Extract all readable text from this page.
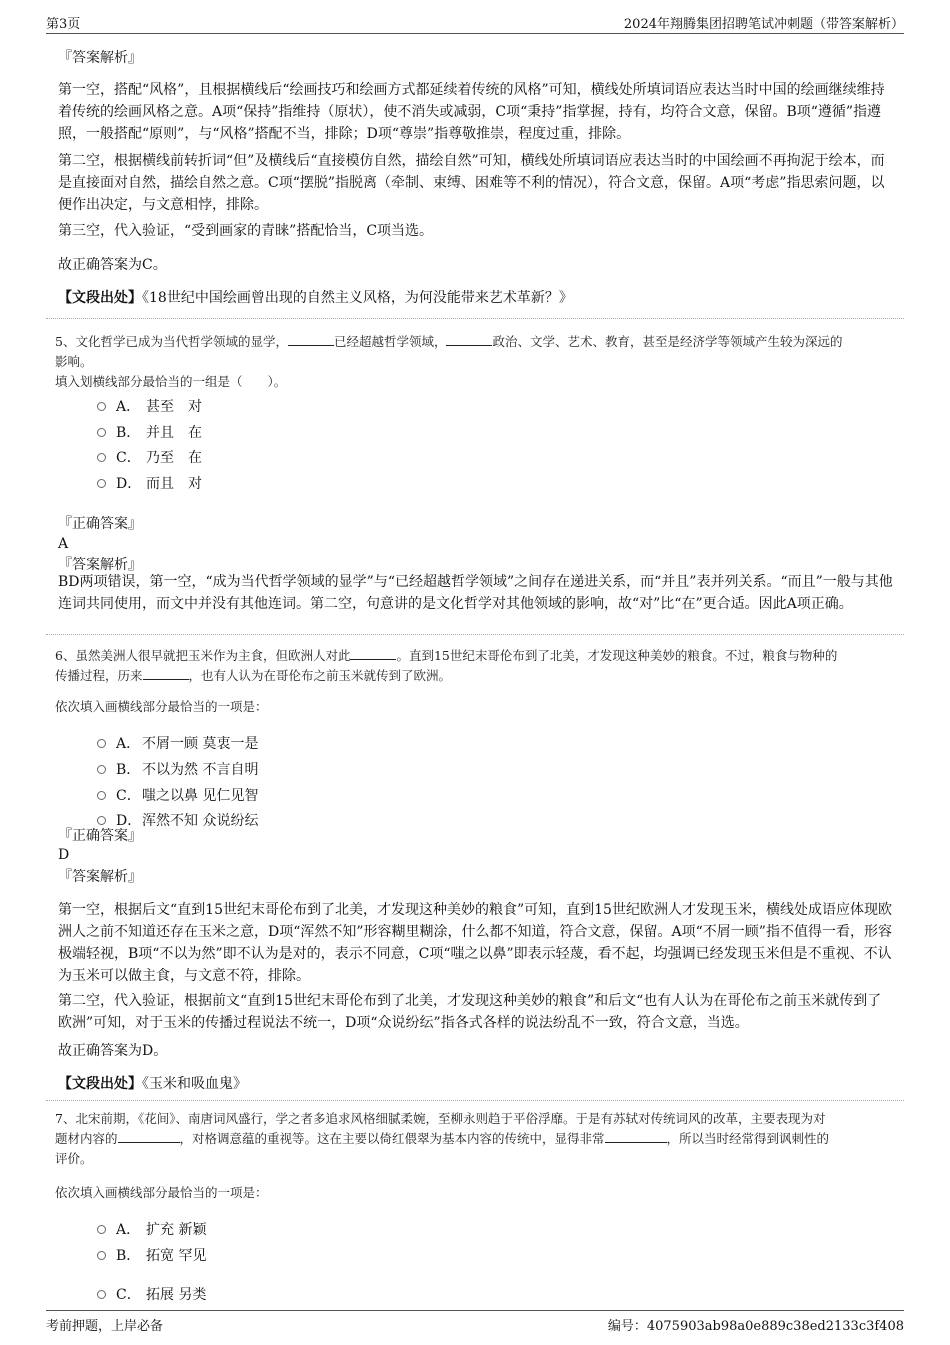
第3页	2024年翔腾集团招聘笔试冲刺题（带答案解析）
『答案解析』
第一空，搭配“风格”，且根据横线后“绘画技巧和绘画方式都延续着传统的风格”可知，横线处所填词语应表达当时中国的绘画继续维持着传统的绘画风格之意。A项“保持”指维持（原状），使不消失或减弱，C项“秉持”指掌握，持有，均符合文意，保留。B项“遵循”指遵照，一般搭配“原则”，与“风格”搭配不当，排除；D项“尊崇”指尊敬推崇，程度过重，排除。
第二空，根据横线前转折词“但”及横线后“直接模仿自然，描绘自然”可知，横线处所填词语应表达当时的中国绘画不再拘泥于绘本，而是直接面对自然，描绘自然之意。C项“摆脱”指脱离（牵制、束缚、困难等不利的情况），符合文意，保留。A项“考虑”指思索问题，以便作出决定，与文意相悖，排除。
第三空，代入验证，“受到画家的青睐”搭配恰当，C项当选。
故正确答案为C。
【文段出处】《18世纪中国绘画曾出现的自然主义风格，为何没能带来艺术革新？》
5、文化哲学已成为当代哲学领域的显学，	已经超越哲学领域，	政治、文学、艺术、教育，甚至是经济学等领域产生较为深远的
影响。
填入划横线部分最恰当的一组是（　　）。
A． 甚至　对
B． 并且　在
C． 乃至　在
D． 而且　对
『正确答案』
A
『答案解析』
BD两项错误，第一空，“成为当代哲学领域的显学”与“已经超越哲学领域”之间存在递进关系，而“并且”表并列关系。“而且”一般与其他连词共同使用，而文中并没有其他连词。第二空，句意讲的是文化哲学对其他领域的影响，故“对”比“在”更合适。因此A项正确。
6、虽然美洲人很早就把玉米作为主食，但欧洲人对此	。直到15世纪末哥伦布到了北美，才发现这种美妙的粮食。不过，粮食与物种的
传播过程，历来	，也有人认为在哥伦布之前玉米就传到了欧洲。
依次填入画横线部分最恰当的一项是：
A． 不屑一顾 莫衷一是
B． 不以为然 不言自明
C． 嗤之以鼻 见仁见智
D． 浑然不知 众说纷纭
『正确答案』
D
『答案解析』
第一空，根据后文“直到15世纪末哥伦布到了北美，才发现这种美妙的粮食”可知，直到15世纪欧洲人才发现玉米，横线处成语应体现欧洲人之前不知道还存在玉米之意，D项“浑然不知”形容糊里糊涂，什么都不知道，符合文意，保留。A项“不屑一顾”指不值得一看，形容极端轻视，B项“不以为然”即不认为是对的，表示不同意，C项“嗤之以鼻”即表示轻蔑，看不起，均强调已经发现玉米但是不重视、不认为玉米可以做主食，与文意不符，排除。
第二空，代入验证，根据前文“直到15世纪末哥伦布到了北美，才发现这种美妙的粮食”和后文“也有人认为在哥伦布之前玉米就传到了欧洲”可知，对于玉米的传播过程说法不统一，D项“众说纷纭”指各式各样的说法纷乱不一致，符合文意，当选。
故正确答案为D。
【文段出处】《玉米和吸血鬼》
7、北宋前期，《花间》、南唐词风盛行，学之者多追求风格细腻柔婉，至柳永则趋于平俗浮靡。于是有苏轼对传统词风的改革，主要表现为对
题材内容的	，对格调意蕴的重视等。这在主要以倚红偎翠为基本内容的传统中，显得非常	，所以当时经常得到讽刺性的
评价。
依次填入画横线部分最恰当的一项是：
A． 扩充 新颖
B． 拓宽 罕见
C． 拓展 另类
考前押题，上岸必备	编号：4075903ab98a0e889c38ed2133c3f408
